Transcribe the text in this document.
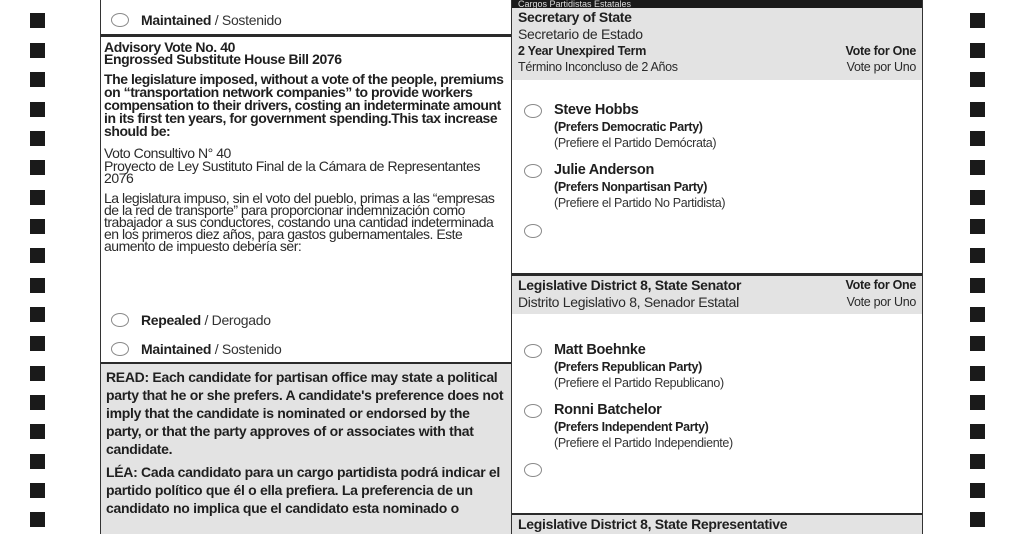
Maintained / Sostenido
Advisory Vote No. 40
Engrossed Substitute House Bill 2076
The legislature imposed, without a vote of the people, premiums on “transportation network companies” to provide workers compensation to their drivers, costing an indeterminate amount in its first ten years, for government spending.This tax increase should be:
Voto Consultivo N° 40
Proyecto de Ley Sustituto Final de la Cámara de Representantes 2076
La legislatura impuso, sin el voto del pueblo, primas a las “empresas de la red de transporte” para proporcionar indemnización como trabajador a sus conductores, costando una cantidad indeterminada en los primeros diez años, para gastos gubernamentales. Este aumento de impuesto debería ser:
Repealed / Derogado
Maintained / Sostenido
READ: Each candidate for partisan office may state a political party that he or she prefers. A candidate's preference does not imply that the candidate is nominated or endorsed by the party, or that the party approves of or associates with that candidate.
LÉA: Cada candidato para un cargo partidista podrá indicar el partido político que él o ella prefiera. La preferencia de un candidato no implica que el candidato esta nominado o
Cargos Partidistas Estatales
Secretary of State
Secretario de Estado
2 Year Unexpired Term	Vote for One
Término Inconcluso de 2 Años	Vote por Uno
Steve Hobbs
(Prefers Democratic Party)
(Prefiere el Partido Demócrata)
Julie Anderson
(Prefers Nonpartisan Party)
(Prefiere el Partido No Partidista)
Legislative District 8, State Senator	Vote for One
Distrito Legislativo 8, Senador Estatal	Vote por Uno
Matt Boehnke
(Prefers Republican Party)
(Prefiere el Partido Republicano)
Ronni Batchelor
(Prefers Independent Party)
(Prefiere el Partido Independiente)
Legislative District 8, State Representative
